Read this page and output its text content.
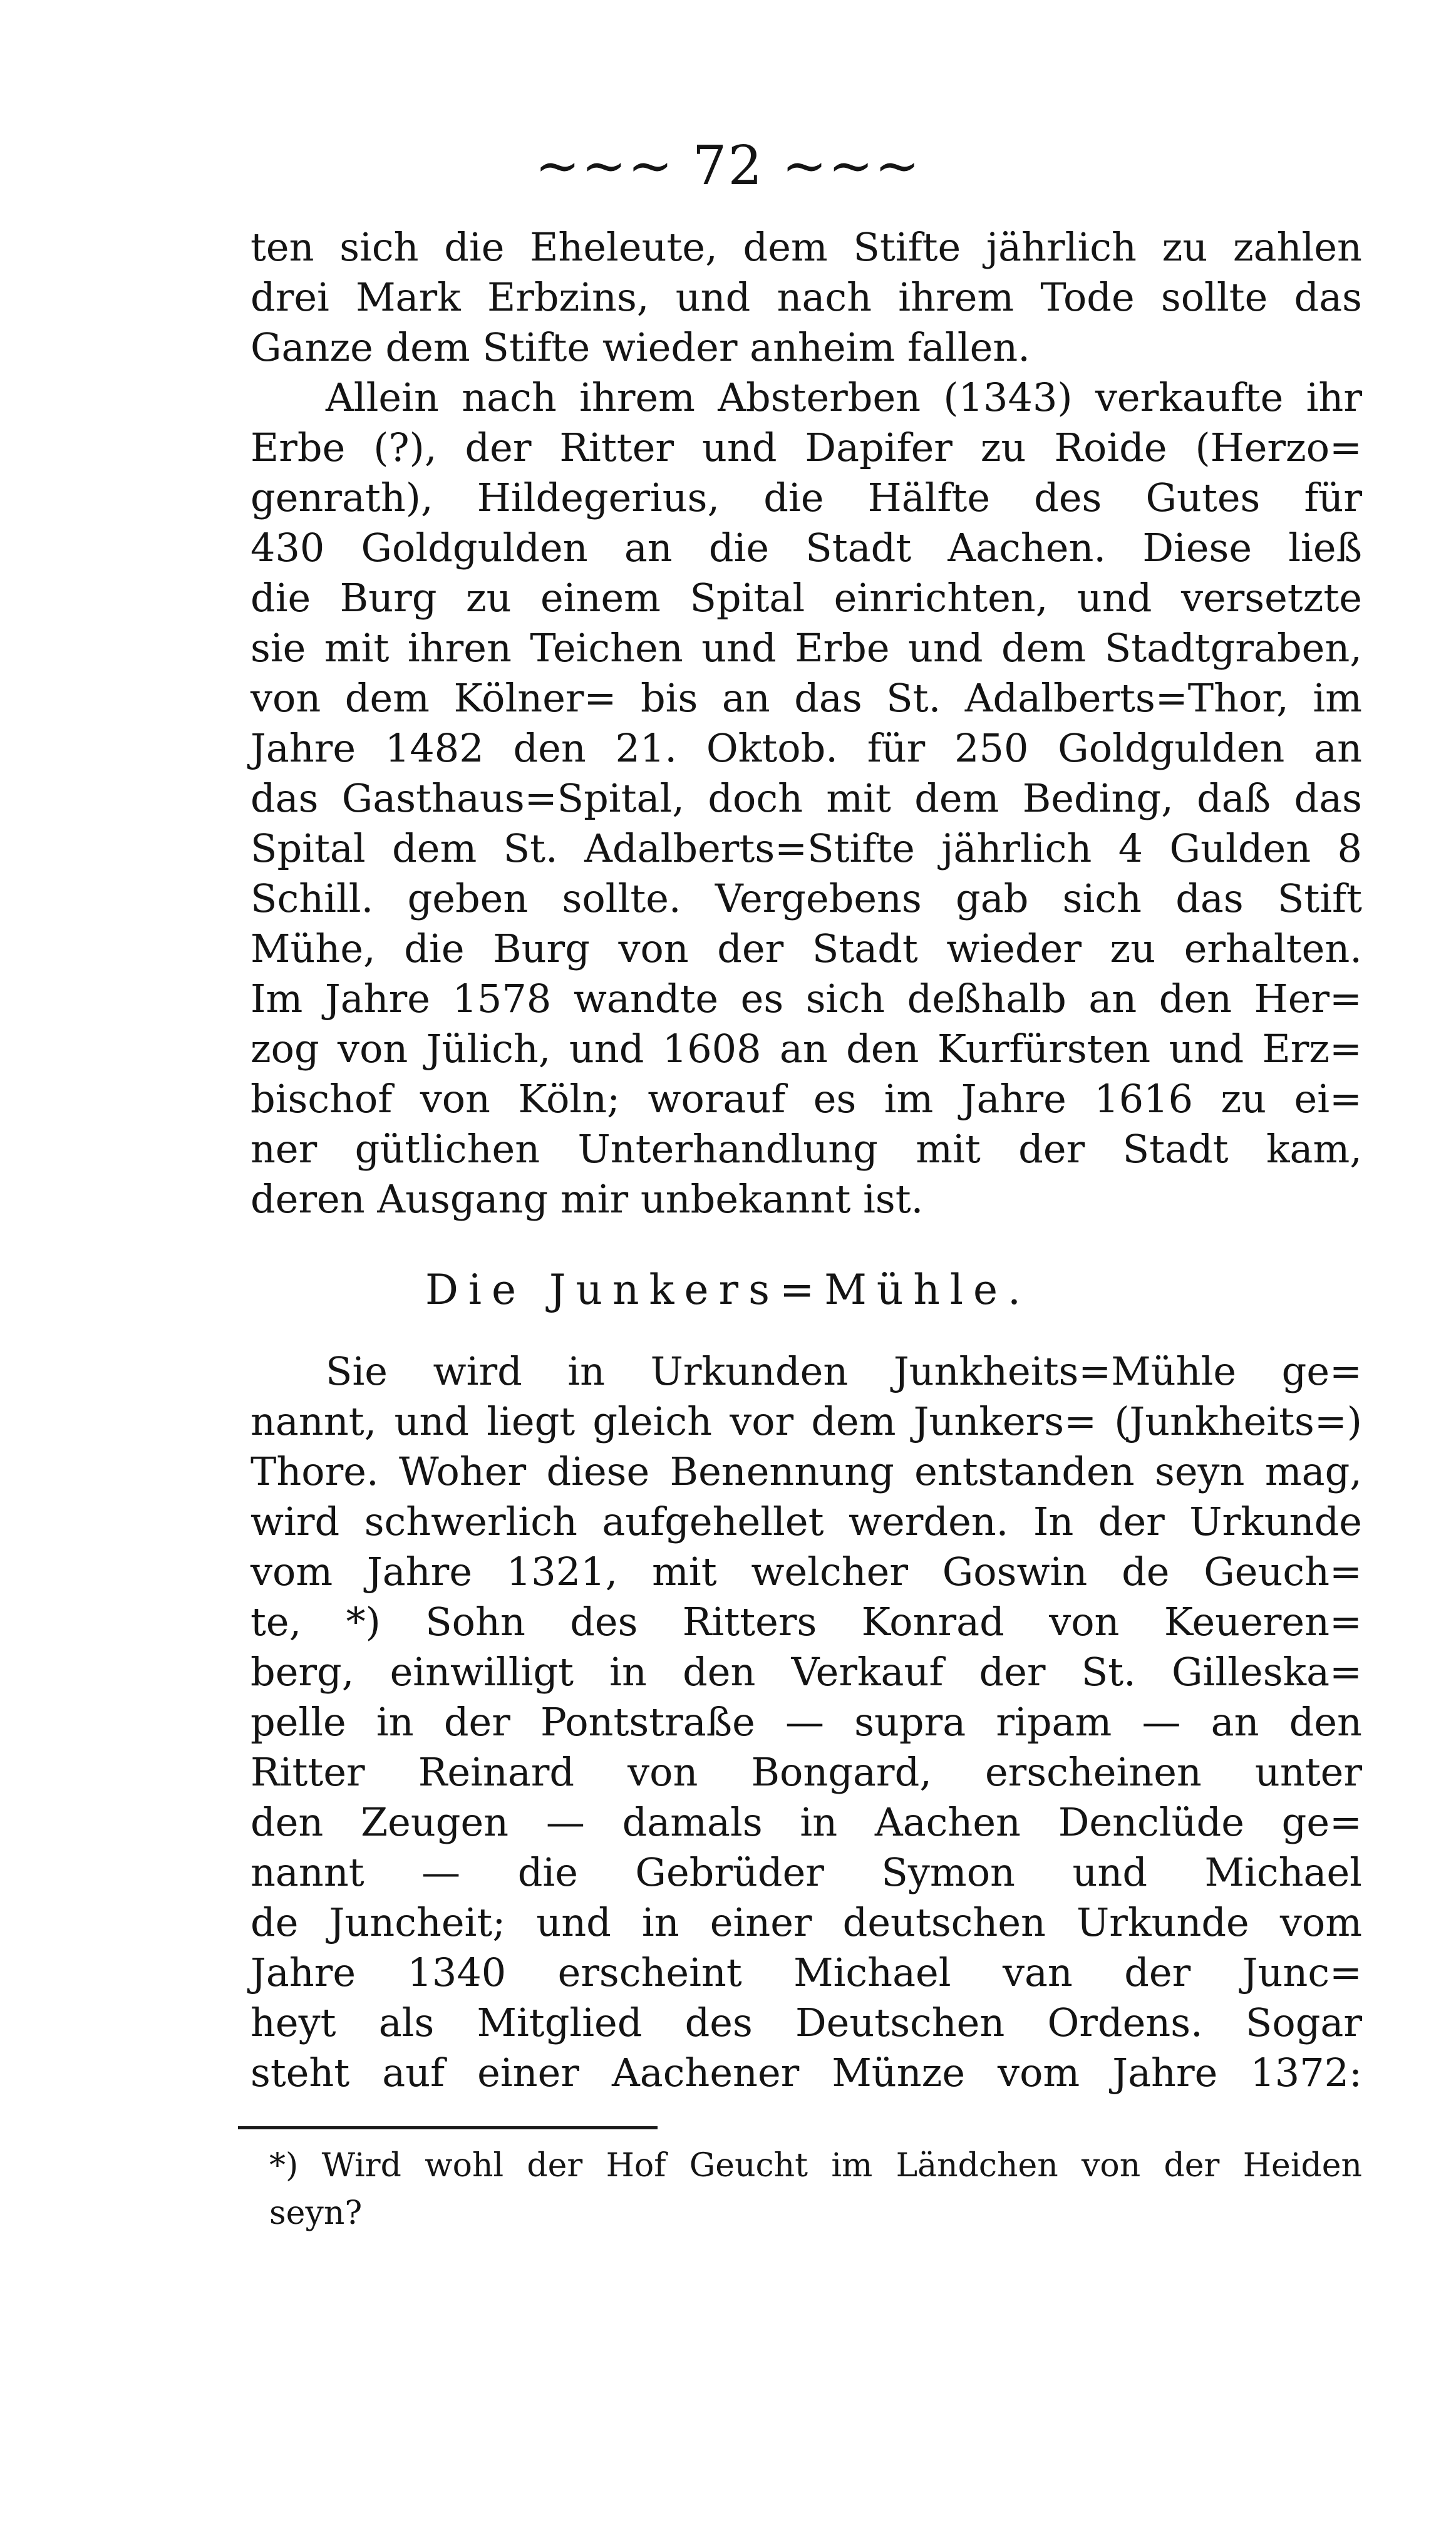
~~~ 72 ~~~
ten sich die Eheleute, dem Stifte jährlich zu zahlen
drei Mark Erbzins, und nach ihrem Tode sollte das
Ganze dem Stifte wieder anheim fallen.
Allein nach ihrem Absterben (1343) verkaufte ihr
Erbe (?), der Ritter und Dapifer zu Roide (Herzo=
genrath), Hildegerius, die Hälfte des Gutes für
430 Goldgulden an die Stadt Aachen. Diese ließ
die Burg zu einem Spital einrichten, und versetzte
sie mit ihren Teichen und Erbe und dem Stadtgraben,
von dem Kölner= bis an das St. Adalberts=Thor, im
Jahre 1482 den 21. Oktob. für 250 Goldgulden an
das Gasthaus=Spital, doch mit dem Beding, daß das
Spital dem St. Adalberts=Stifte jährlich 4 Gulden 8
Schill. geben sollte. Vergebens gab sich das Stift
Mühe, die Burg von der Stadt wieder zu erhalten.
Im Jahre 1578 wandte es sich deßhalb an den Her=
zog von Jülich, und 1608 an den Kurfürsten und Erz=
bischof von Köln; worauf es im Jahre 1616 zu ei=
ner gütlichen Unterhandlung mit der Stadt kam,
deren Ausgang mir unbekannt ist.
Die Junkers=Mühle.
Sie wird in Urkunden Junkheits=Mühle ge=
nannt, und liegt gleich vor dem Junkers= (Junkheits=)
Thore. Woher diese Benennung entstanden seyn mag,
wird schwerlich aufgehellet werden. In der Urkunde
vom Jahre 1321, mit welcher Goswin de Geuch=
te, *) Sohn des Ritters Konrad von Keueren=
berg, einwilligt in den Verkauf der St. Gilleska=
pelle in der Pontstraße — supra ripam — an den
Ritter Reinard von Bongard, erscheinen unter
den Zeugen — damals in Aachen Denclüde ge=
nannt — die Gebrüder Symon und Michael
de Juncheit; und in einer deutschen Urkunde vom
Jahre 1340 erscheint Michael van der Junc=
heyt als Mitglied des Deutschen Ordens. Sogar
steht auf einer Aachener Münze vom Jahre 1372:
*) Wird wohl der Hof Geucht im Ländchen von der Heiden
seyn?
